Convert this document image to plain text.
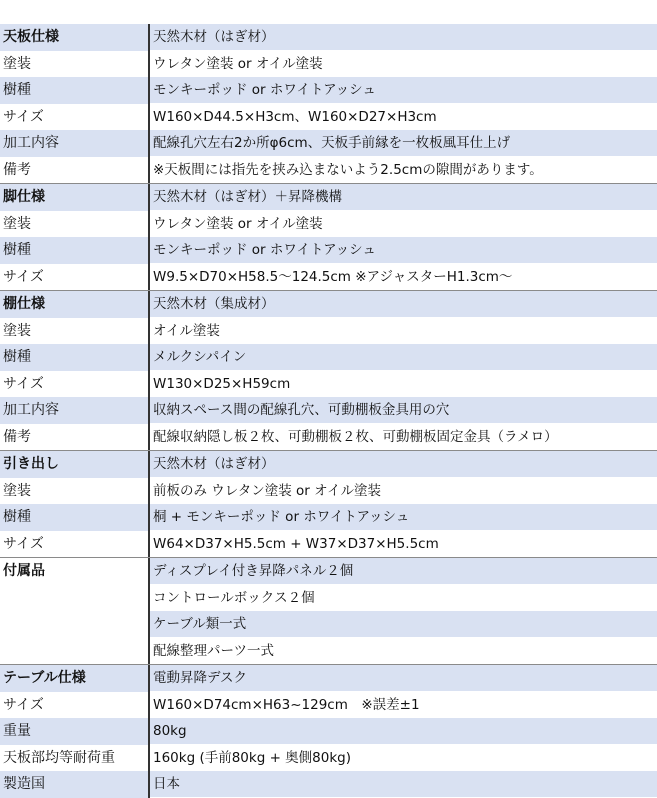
天板仕様	天然木材（はぎ材）
塗装	ウレタン塗装 or オイル塗装
樹種	モンキーポッド or ホワイトアッシュ
サイズ	W160×D44.5×H3cm、W160×D27×H3cm
加工内容	配線孔穴左右2か所φ6cm、天板手前縁を一枚板風耳仕上げ
備考	※天板間には指先を挟み込まないよう2.5cmの隙間があります。
脚仕様	天然木材（はぎ材）＋昇降機構
塗装	ウレタン塗装 or オイル塗装
樹種	モンキーポッド or ホワイトアッシュ
サイズ	W9.5×D70×H58.5～124.5cm ※アジャスターH1.3cm～
棚仕様	天然木材（集成材）
塗装	オイル塗装
樹種	メルクシパイン
サイズ	W130×D25×H59cm
加工内容	収納スペース間の配線孔穴、可動棚板金具用の穴
備考	配線収納隠し板２枚、可動棚板２枚、可動棚板固定金具（ラメロ）
引き出し	天然木材（はぎ材）
塗装	前板のみ ウレタン塗装 or オイル塗装
樹種	桐 + モンキーポッド or ホワイトアッシュ
サイズ	W64×D37×H5.5cm + W37×D37×H5.5cm
付属品	ディスプレイ付き昇降パネル２個
コントロールボックス２個
ケーブル類一式
配線整理パーツ一式
テーブル仕様	電動昇降デスク
サイズ	W160×D74cm×H63~129cm　※誤差±1
重量	80kg
天板部均等耐荷重	160kg (手前80kg + 奥側80kg)
製造国	日本
